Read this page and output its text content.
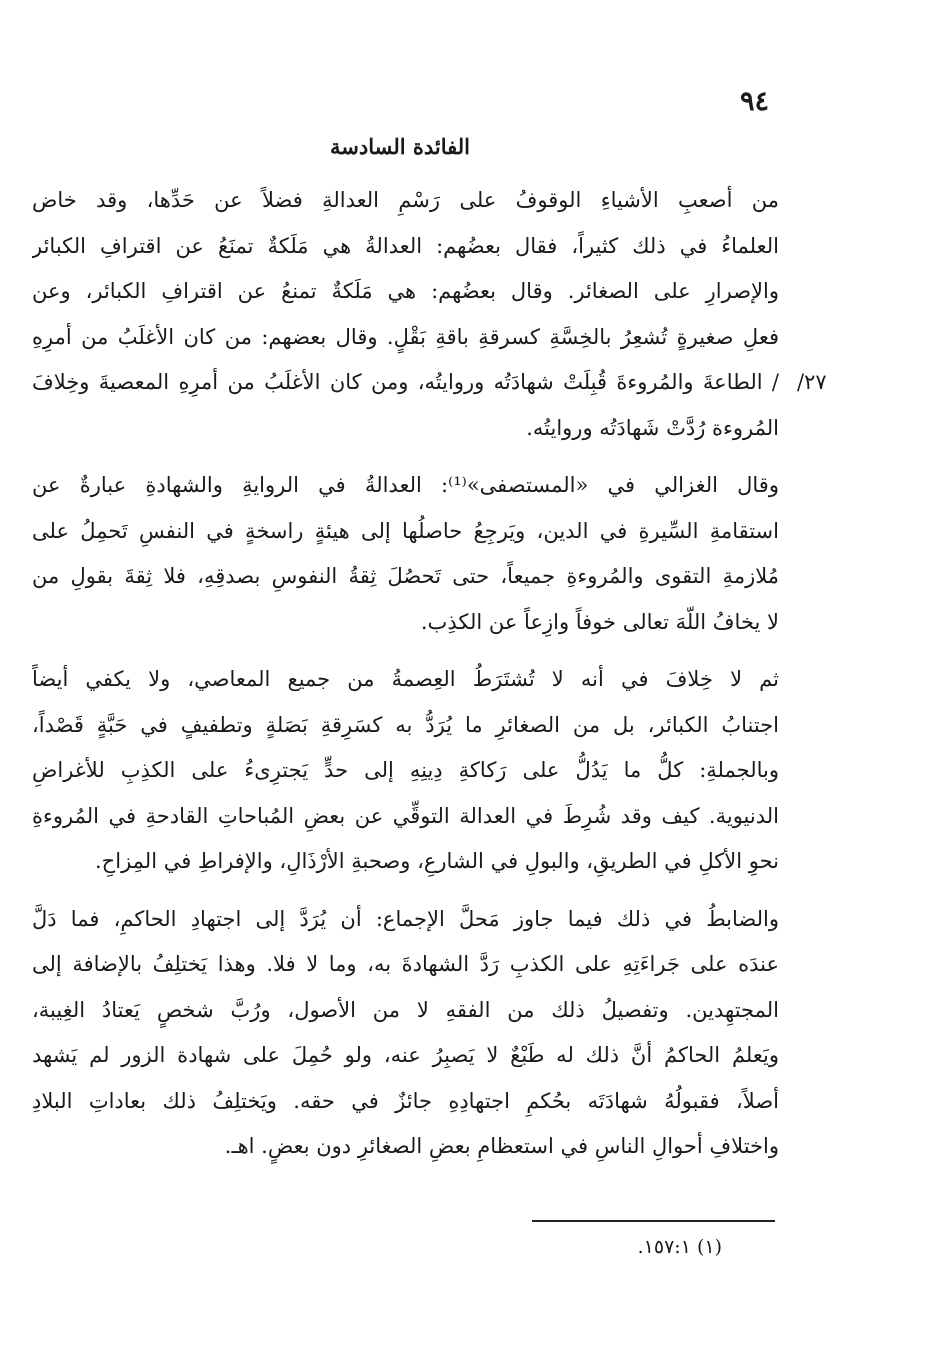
٩٤
الفائدة السادسة
٢٧/

من أصعبِ الأشياءِ الوقوفُ على رَسْمِ العدالةِ فضلاً عن حَدِّها، وقد خاض
العلماءُ في ذلك كثيراً، فقال بعضُهم: العدالةُ هي مَلَكةٌ تمنَعُ عن اقترافِ الكبائر
والإصرارِ على الصغائر. وقال بعضُهم: هي مَلَكةٌ تمنعُ عن اقترافِ الكبائر، وعن
فعلِ صغيرةٍ تُشعِرُ بالخِسَّةِ كسرقةِ باقةِ بَقْلٍ. وقال بعضهم: من كان الأغلَبُ من أمرِهِ
/ الطاعةَ والمُروءةَ قُبِلَتْ شهادَتُه وروايتُه، ومن كان الأغلَبُ من أمرِهِ المعصيةَ وخِلافَ
المُروءة رُدَّتْ شَهادَتُه وروايتُه.

وقال الغزالي في «المستصفى»⁽¹⁾: العدالةُ في الروايةِ والشهادةِ عبارةٌ عن
استقامةِ السِّيرةِ في الدين، ويَرجِعُ حاصلُها إلى هيئةٍ راسخةٍ في النفسِ تَحمِلُ على
مُلازمةِ التقوى والمُروءةِ جميعاً، حتى تَحصُلَ ثِقةُ النفوسِ بصدقِهِ، فلا ثِقةَ بقولِ من
لا يخافُ اللّهَ تعالى خوفاً وازِعاً عن الكذِب.

ثم لا خِلافَ في أنه لا تُشتَرَطُ العِصمةُ من جميع المعاصي، ولا يكفي أيضاً
اجتنابُ الكبائر، بل من الصغائرِ ما يُرَدُّ به كسَرِقةِ بَصَلةٍ وتطفيفٍ في حَبَّةٍ قَصْداً،
وبالجملةِ: كلُّ ما يَدُلُّ على رَكاكةِ دِينِهِ إلى حدٍّ يَجترِىءُ على الكذِبِ للأغراضِ
الدنيوية. كيف وقد شُرِطَ في العدالة التوقِّي عن بعضِ المُباحاتِ القادحةِ في المُروءةِ
نحوِ الأكلِ في الطريقِ، والبولِ في الشارعِ، وصحبةِ الأرْذَالِ، والإفراطِ في المِزاحِ.

والضابطُ في ذلك فيما جاوز مَحلَّ الإجماع: أن يُرَدَّ إلى اجتهادِ الحاكمِ، فما دَلَّ
عندَه على جَراءَتِهِ على الكذبِ رَدَّ الشهادةَ به، وما لا فلا. وهذا يَختلِفُ بالإضافة إلى
المجتهِدين. وتفصيلُ ذلك من الفقهِ لا من الأصول، ورُبَّ شخصٍ يَعتادُ الغِيبة،
ويَعلمُ الحاكمُ أنَّ ذلك له طَبْعٌ لا يَصبِرُ عنه، ولو حُمِلَ على شهادة الزور لم يَشهد
أصلاً، فقبولُهُ شهادَتَه بحُكمِ اجتهادِهِ جائزٌ في حقه. ويَختلِفُ ذلك بعاداتِ البلادِ
واختلافِ أحوالِ الناسِ في استعظامِ بعضِ الصغائرِ دون بعضٍ. اهـ.

(١) ١٥٧:١.
